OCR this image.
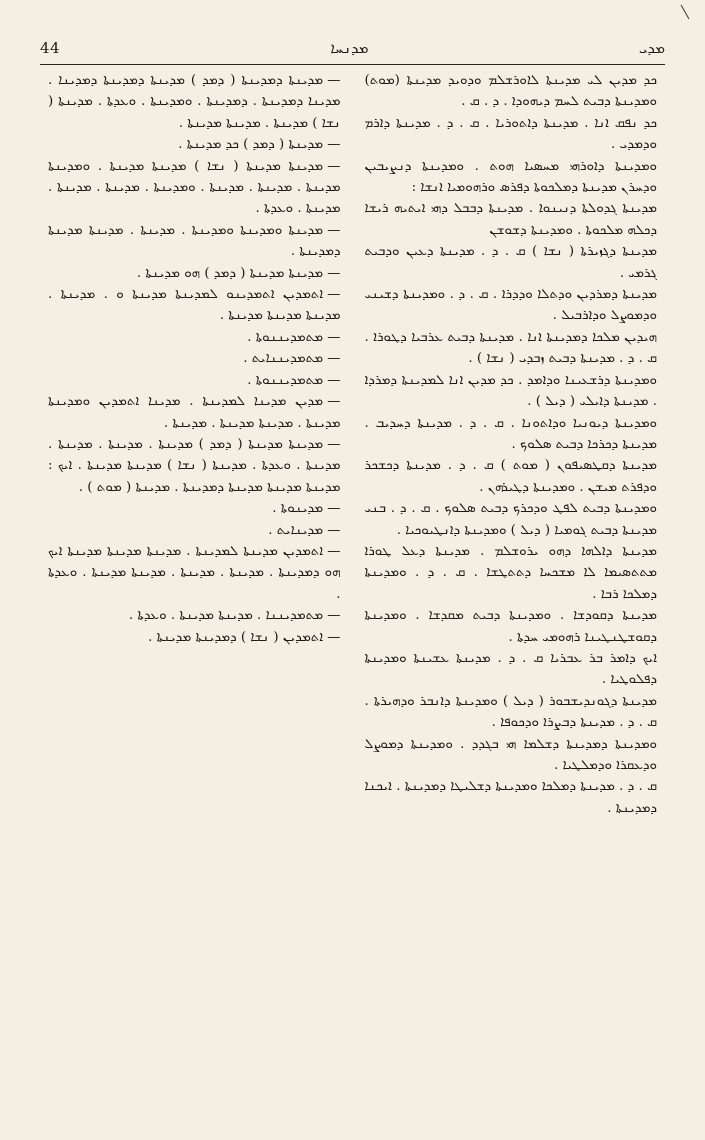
44	ܡܕܢܚܐ	ܡܕܝ

ܟܕ ܡܕܝܢ ܠܝ ܡܕܝܢܬܐ ܠܐܘܪܫܠܡ ܘܕܘܝܕ ܡܕܝܢܬܐ (ܡܘܬ) ܘܡܕܝܢܬܐ ܕܒܝܬ ܠܚܡ ܕܝܗܘܕܐ . ܕ . ܩ .

ܟܕ ܢܦܩ ܐܢܐ . ܡܕܝܢܬܐ ܕܐܬܘܪܝܐ . ܩ . ܕ . ܡܕܝܢܬܐ ܕܐܪܡ ܘܕܡܕܝ .

ܘܡܕܝܢܬܐ ܕܐܘܪܗܝ ܡܚܣܝܐ ܗܘܬ . ܘܡܕܝܢܬܐ ܕܢܨܝܒܝܢ ܘܕܚܪܢ ܡܕܝܢܬܐ ܕܡܠܟܘܬܐ ܕܦܪܣ ܘܪܗܘܡܝܐ ܐܢܫܐ :

ܡܕܝܢܬܐ ܓܕܘܠܬܐ ܕܢܝܢܘܐ . ܡܕܝܢܬܐ ܕܒܒܠ ܕܗܝ ܐܝܬܝܗ ܪܝܫܐ ܕܟܠܗ ܡܠܟܘܬܐ . ܘܡܕܝܢܬܐ ܕܫܘܫܢ

ܡܕܝܢܬܐ ܕܓܙܝܪܬܐ ( ܢܫܐ ) ܩ . ܕ . ܡܕܝܢܬܐ ܕܥܝܢ ܘܕܒܝܬ ܓܪܡܝ .

ܡܕܝܢܬܐ ܕܡܪܕܝܢ ܘܕܬܠܐ ܘܕܕܪܐ . ܩ . ܕ . ܘܡܕܝܢܬܐ ܕܫܝܢܝ ܘܕܡܘܨܠ ܘܕܐܪܒܝܠ .

ܗܝܕܝܢ ܡܠܟܐ ܕܡܕܝܢܬܐ ܐܢܐ . ܡܕܝܢܬܐ ܕܒܝܬ ܥܪܒܝܐ ܕܛܘܪܐ . ܩ . ܕ . ܡܕܝܢܬܐ ܕܒܝܬ ܙܒܕܝ ( ܢܫܐ ) .

ܘܡܕܝܢܬܐ ܕܪܫܥܝܢܐ ܘܕܐܡܕ . ܟܕ ܡܕܝܢ ܐܢܐ ܠܡܕܝܢܬܐ ܕܡܪܕܐ . ܡܕܝܢܬܐ ܕܐܝܠܝ ( ܕܝܠ ) .

ܘܡܕܝܢܬܐ ܕܝܘܢܝܐ ܘܕܐܬܘܢܐ . ܩ . ܕ . ܡܕܝܢܬܐ ܕܚܕܝܒ . ܡܕܝܢܬܐ ܕܟܪܟܐ ܕܒܝܬ ܣܠܘܟ .

ܡܕܝܢܬܐ ܕܩܛܣܝܦܘܢ ( ܡܘܬ ) ܩ . ܕ . ܡܕܝܢܬܐ ܕܟܫܟܪ ܘܕܦܪܬ ܡܝܫܢ . ܘܡܕܝܢܬܐ ܕܛܝܪܗܢ .

ܘܡܕܝܢܬܐ ܕܒܝܬ ܠܦܛ ܘܕܟܪܟ ܕܒܝܬ ܣܠܘܟ . ܩ . ܕ . ܒܢܝ ܡܕܝܢܬܐ ܕܒܝܬ ܓܘܡܝܐ ( ܕܝܠ ) ܘܡܕܝܢܬܐ ܕܐܢܛܝܘܟܝܐ .

ܡܕܝܢܬܐ ܕܐܠܗܐ ܕܗܘ ܝܪܘܫܠܡ . ܡܕܝܢܬܐ ܕܥܠ ܛܘܪܐ ܡܬܬܣܝܡܐ ܠܐ ܡܫܟܚܐ ܕܬܬܛܫܐ . ܩ . ܕ . ܘܡܕܝܢܬܐ ܕܡܠܟܐ ܪܒܐ .

ܡܕܝܢܬܐ ܕܩܘܕܫܐ . ܘܡܕܝܢܬܐ ܕܒܝܬ ܡܩܕܫܐ . ܘܡܕܝܢܬܐ ܕܩܘܫܛܢܛܝܢܐ ܪܗܘܡܝ ܚܕܬܐ .

ܐܝܟ ܕܐܡܪ ܒܪ ܥܒܪܝܐ ܩ . ܕ . ܡܕܝܢܬܐ ܥܫܝܢܬܐ ܘܡܕܝܢܬܐ ܕܦܠܘܛܝܐ .

ܡܕܝܢܬܐ ܕܓܘܢܕܝܫܒܘܪ ( ܕܝܠ ) ܘܡܕܝܢܬܐ ܕܐܢܒܪ ܘܕܗܝܪܬܐ . ܩ . ܕ . ܡܕܝܢܬܐ ܕܒܨܪܐ ܘܕܟܘܦܐ .

ܘܡܕܝܢܬܐ ܕܡܕܝܢܬܐ ܕܫܠܡܐ ܗܝ ܒܓܕܕ . ܘܡܕܝܢܬܐ ܕܡܘܨܠ ܘܕܥܩܪܐ ܘܕܡܠܛܝܐ .

ܩ . ܕ . ܡܕܝܢܬܐ ܕܡܠܟܐ ܘܡܕܝܢܬܐ ܕܫܠܝܛܐ ܕܡܕܝܢܬܐ . ܐܝܟܢܐ ܕܡܕܝܢܬܐ .

—ܡܕܝܢܬܐ ܕܡܕܝܢܬܐ ( ܕܡܕ ) ܡܕܝܢܬܐ ܕܡܕܝܢܬܐ ܕܡܕܝܢܐ . ܡܕܝܢܐ ܕܡܕܝܢܬܐ . ܕܡܕܝܢܬܐ . ܘܡܕܝܢܬܐ . ܘܥܕܬܐ . ܡܕܝܢܬܐ ( ܢܫܐ ) ܡܕܝܢܬܐ . ܡܕܝܢܬܐ ܡܕܝܢܬܐ .

—ܡܕܝܢܬܐ ( ܕܡܕ ) ܟܕ ܡܕܝܢܬܐ .

—ܡܕܝܢܬܐ ܡܕܝܢܬܐ ( ܢܫܐ ) ܡܕܝܢܬܐ ܡܕܝܢܬܐ . ܘܡܕܝܢܬܐ ܡܕܝܢܬܐ . ܡܕܝܢܬܐ . ܡܕܝܢܬܐ . ܘܡܕܝܢܬܐ . ܡܕܝܢܬܐ . ܡܕܝܢܬܐ . ܡܕܝܢܬܐ . ܘܥܕܬܐ .

—ܡܕܝܢܬܐ ܘܡܕܝܢܬܐ ܘܡܕܝܢܬܐ . ܡܕܝܢܬܐ . ܡܕܝܢܬܐ ܡܕܝܢܬܐ ܕܡܕܝܢܬܐ .

—ܡܕܝܢܬܐ ܡܕܝܢܬܐ ( ܕܡܕ ) ܗܘ ܡܕܝܢܬܐ .

—ܐܬܡܕܝܢ ܐܬܡܕܝܢܘ ܠܡܕܝܢܬܐ ܡܕܝܢܬܐ ܘ . ܡܕܝܢܬܐ . ܡܕܝܢܬܐ ܡܕܝܢܬܐ ܡܕܝܢܬܐ .

—ܡܬܡܕܝܢܢܘܬܐ .

—ܡܬܡܕܝܢܢܐܝܬ .

—ܡܬܡܕܝܢܢܘܬܐ .

—ܡܕܝܢ ܡܕܝܢܐ ܠܡܕܝܢܬܐ . ܡܕܝܢܐ ܐܬܡܕܝܢ ܘܡܕܝܢܬܐ ܡܕܝܢܬܐ . ܡܕܝܢܬܐ ܡܕܝܢܬܐ . ܡܕܝܢܬܐ .

—ܡܕܝܢܬܐ ܡܕܝܢܬܐ ( ܕܡܕ ) ܡܕܝܢܬܐ . ܡܕܝܢܬܐ . ܡܕܝܢܬܐ . ܡܕܝܢܬܐ . ܘܥܕܬܐ . ܡܕܝܢܬܐ ( ܢܫܐ ) ܡܕܝܢܬܐ ܡܕܝܢܬܐ . ܐܝܟ : ܡܕܝܢܬܐ ܡܕܝܢܬܐ ܡܕܝܢܬܐ ܕܡܕܝܢܬܐ . ܡܕܝܢܬܐ ( ܡܘܬ ) .

—ܡܕܝܢܘܬܐ .

—ܡܕܝܢܐܝܬ .

—ܐܬܡܕܝܢ ܡܕܝܢܬܐ ܠܡܕܝܢܬܐ . ܡܕܝܢܬܐ ܡܕܝܢܬܐ ܡܕܝܢܬܐ ܐܝܟ ܗܘ ܕܡܕܝܢܬܐ . ܡܕܝܢܬܐ . ܡܕܝܢܬܐ . ܡܕܝܢܬܐ ܡܕܝܢܬܐ . ܘܥܕܬܐ .

—ܡܬܡܕܝܢܢܐ . ܡܕܝܢܬܐ ܡܕܝܢܬܐ . ܘܥܕܬܐ .

—ܐܬܡܕܝܢ ( ܢܫܐ ) ܕܡܕܝܢܬܐ ܡܕܝܢܬܐ .
